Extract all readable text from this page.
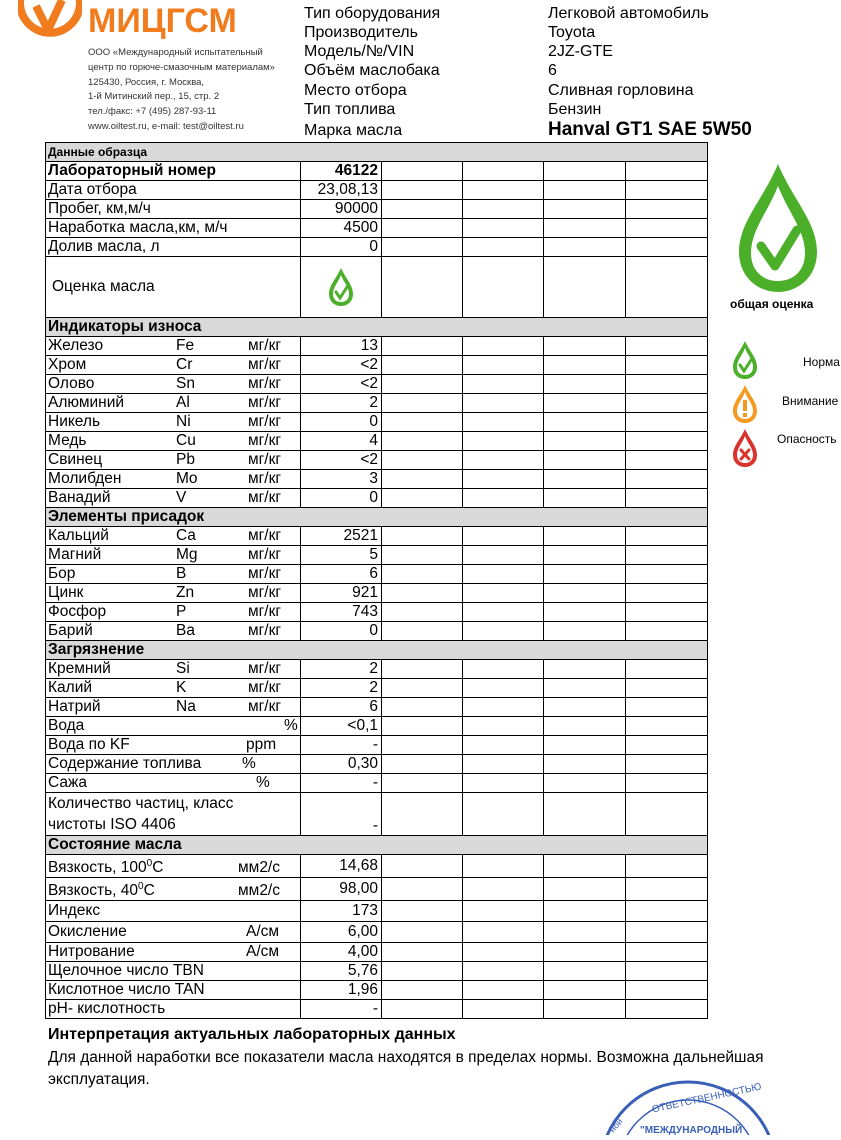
МИЦГСМ
ООО «Международный испытательный
центр по горюче-смазочным материалам»
125430, Россия, г. Москва,
1-й Митинский пер., 15, стр. 2
тел./факс: +7 (495) 287-93-11
www.oiltest.ru, e-mail: test@oiltest.ru
Тип оборудования	Легковой автомобиль
Производитель	Toyota
Модель/№/VIN	2JZ-GTE
Объём маслобака	6
Место отбора	Сливная горловина
Тип топлива	Бензин
Марка масла	Hanval GT1 SAE 5W50
общая оценка
Норма
Внимание
Опасность
Данные образца					
Лабораторный номер	46122				
Дата отбора	23,08,13				
Пробег, км,м/ч	90000				
Наработка масла,км, м/ч	4500				
Долив масла, л	0				
Оценка масла					
Индикаторы износа					
Железо Fe мг/кг	13				
Хром Cr мг/кг	<2				
Олово Sn мг/кг	<2				
Алюминий Al мг/кг	2				
Никель Ni мг/кг	0				
Медь Cu мг/кг	4				
Свинец Pb мг/кг	<2				
Молибден Mo мг/кг	3				
Ванадий V мг/кг	0				
Элементы присадок					
Кальций Ca мг/кг	2521				
Магний Mg мг/кг	5				
Бор B мг/кг	6				
Цинк Zn мг/кг	921				
Фосфор P мг/кг	743				
Барий Ba мг/кг	0				
Загрязнение					
Кремний Si мг/кг	2				
Калий K мг/кг	2				
Натрий Na мг/кг	6				
Вода %	<0,1				
Вода по KF ppm	-				
Содержание топлива %	0,30				
Сажа %	-				

Количество частиц, класс
чистоты ISO 4406	-				
Состояние масла					
Вязкость, $100^0С$ мм2/с	14,68				
Вязкость, $40^0С$ мм2/с	98,00				
Индекс	173				
Окисление А/см	6,00				
Нитрование А/см	4,00				
Щелочное число TBN	5,76				
Кислотное число TAN	1,96				
pH- кислотность	-				
Интерпретация актуальных лабораторных данных
Для данной наработки все показатели масла находятся в пределах нормы. Возможна дальнейшая эксплуатация.
ОТВЕТСТВЕННОСТЬЮ
ной "МЕЖДУНАРОДНЫЙ
